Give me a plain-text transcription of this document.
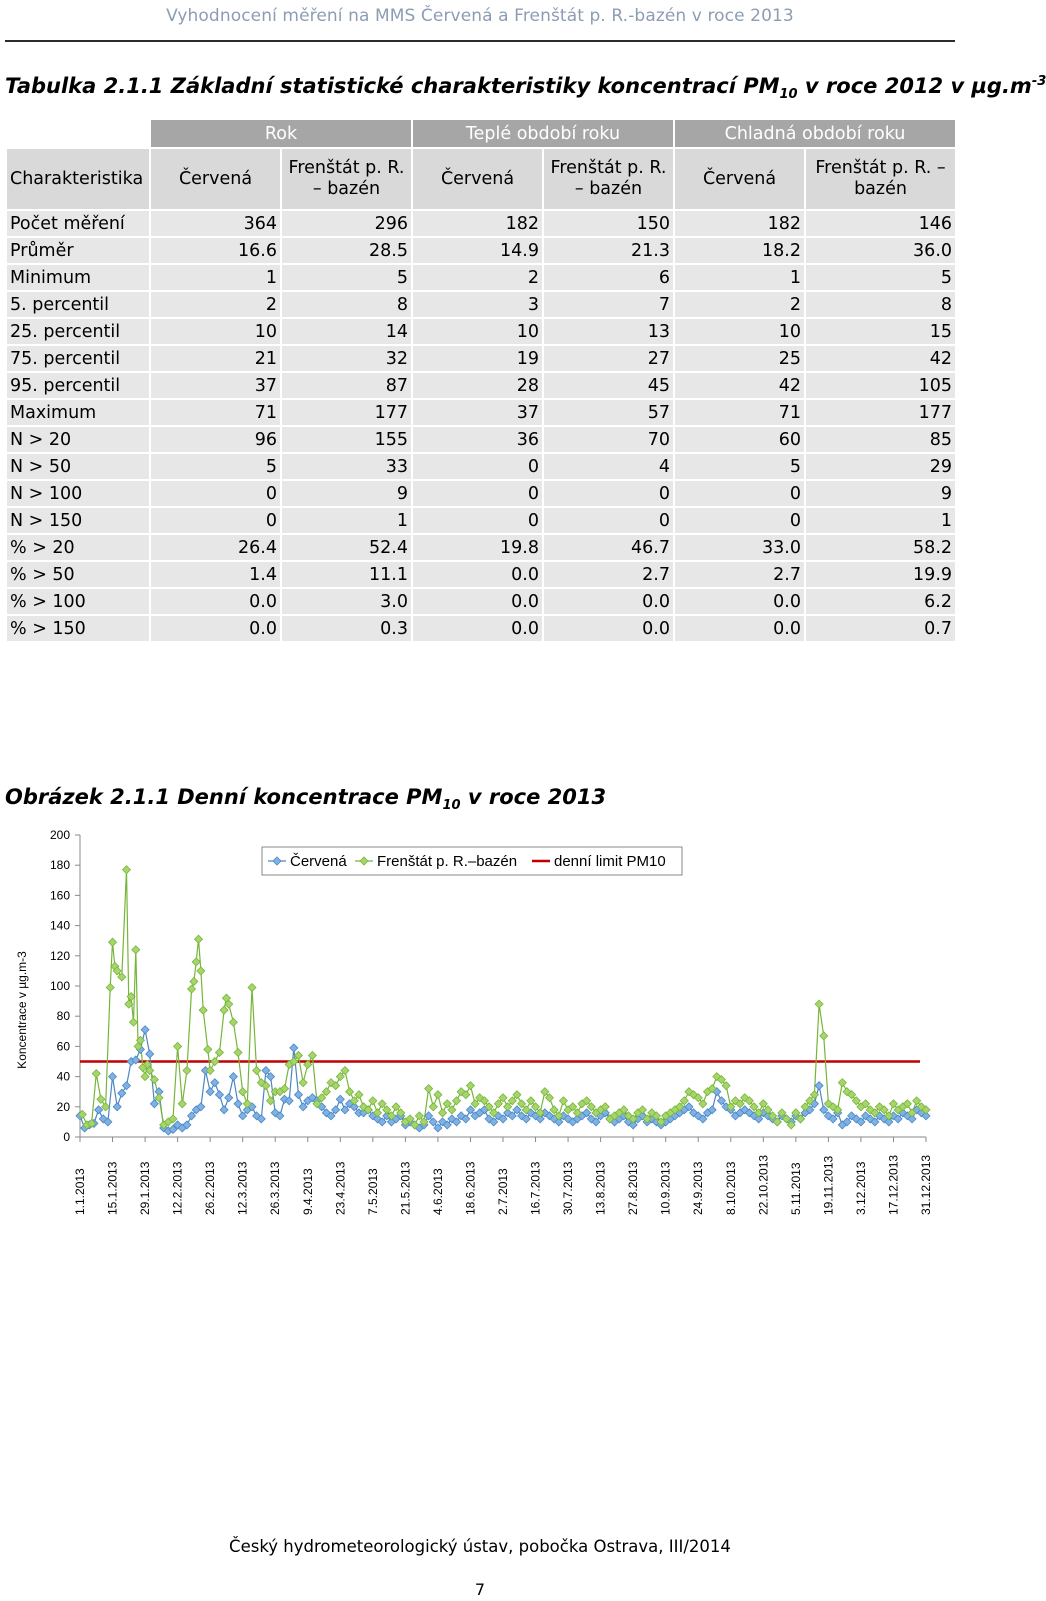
Vyhodnocení měření na MMS Červená a Frenštát p. R.-bazén v roce 2013
Tabulka 2.1.1 Základní statistické charakteristiky koncentrací $PM_{10}$ v roce 2012 v $\mu g.m^{-3}$
	Rok		Teplé období roku		Chladná období roku	
Charakteristika	Červená	Frenštát p. R. – bazén	Červená	Frenštát p. R. – bazén	Červená	Frenštát p. R. – bazén
Počet měření	364	296	182	150	182	146
Průměr	16.6	28.5	14.9	21.3	18.2	36.0
Minimum	1	5	2	6	1	5
5. percentil	2	8	3	7	2	8
25. percentil	10	14	10	13	10	15
75. percentil	21	32	19	27	25	42
95. percentil	37	87	28	45	42	105
Maximum	71	177	37	57	71	177
N > 20	96	155	36	70	60	85
N > 50	5	33	0	4	5	29
N > 100	0	9	0	0	0	9
N > 150	0	1	0	0	0	1
% > 20	26.4	52.4	19.8	46.7	33.0	58.2
% > 50	1.4	11.1	0.0	2.7	2.7	19.9
% > 100	0.0	3.0	0.0	0.0	0.0	6.2
% > 150	0.0	0.3	0.0	0.0	0.0	0.7
Obrázek 2.1.1 Denní koncentrace $PM_{10}$ v roce 2013
0
20
40
60
80
100
120
140
160
180
200
Koncentrace v µg.m-3
1.1.2013 15.1.2013 29.1.2013 12.2.2013 26.2.2013 12.3.2013 26.3.2013 9.4.2013 23.4.2013 7.5.2013 21.5.2013 4.6.2013 18.6.2013 2.7.2013 16.7.2013 30.7.2013 13.8.2013 27.8.2013 10.9.2013 24.9.2013 8.10.2013 22.10.2013 5.11.2013 19.11.2013 3.12.2013 17.12.2013 31.12.2013
Červená Frenštát p. R.–bazén denní limit PM10
Český hydrometeorologický ústav, pobočka Ostrava, III/2014
7
